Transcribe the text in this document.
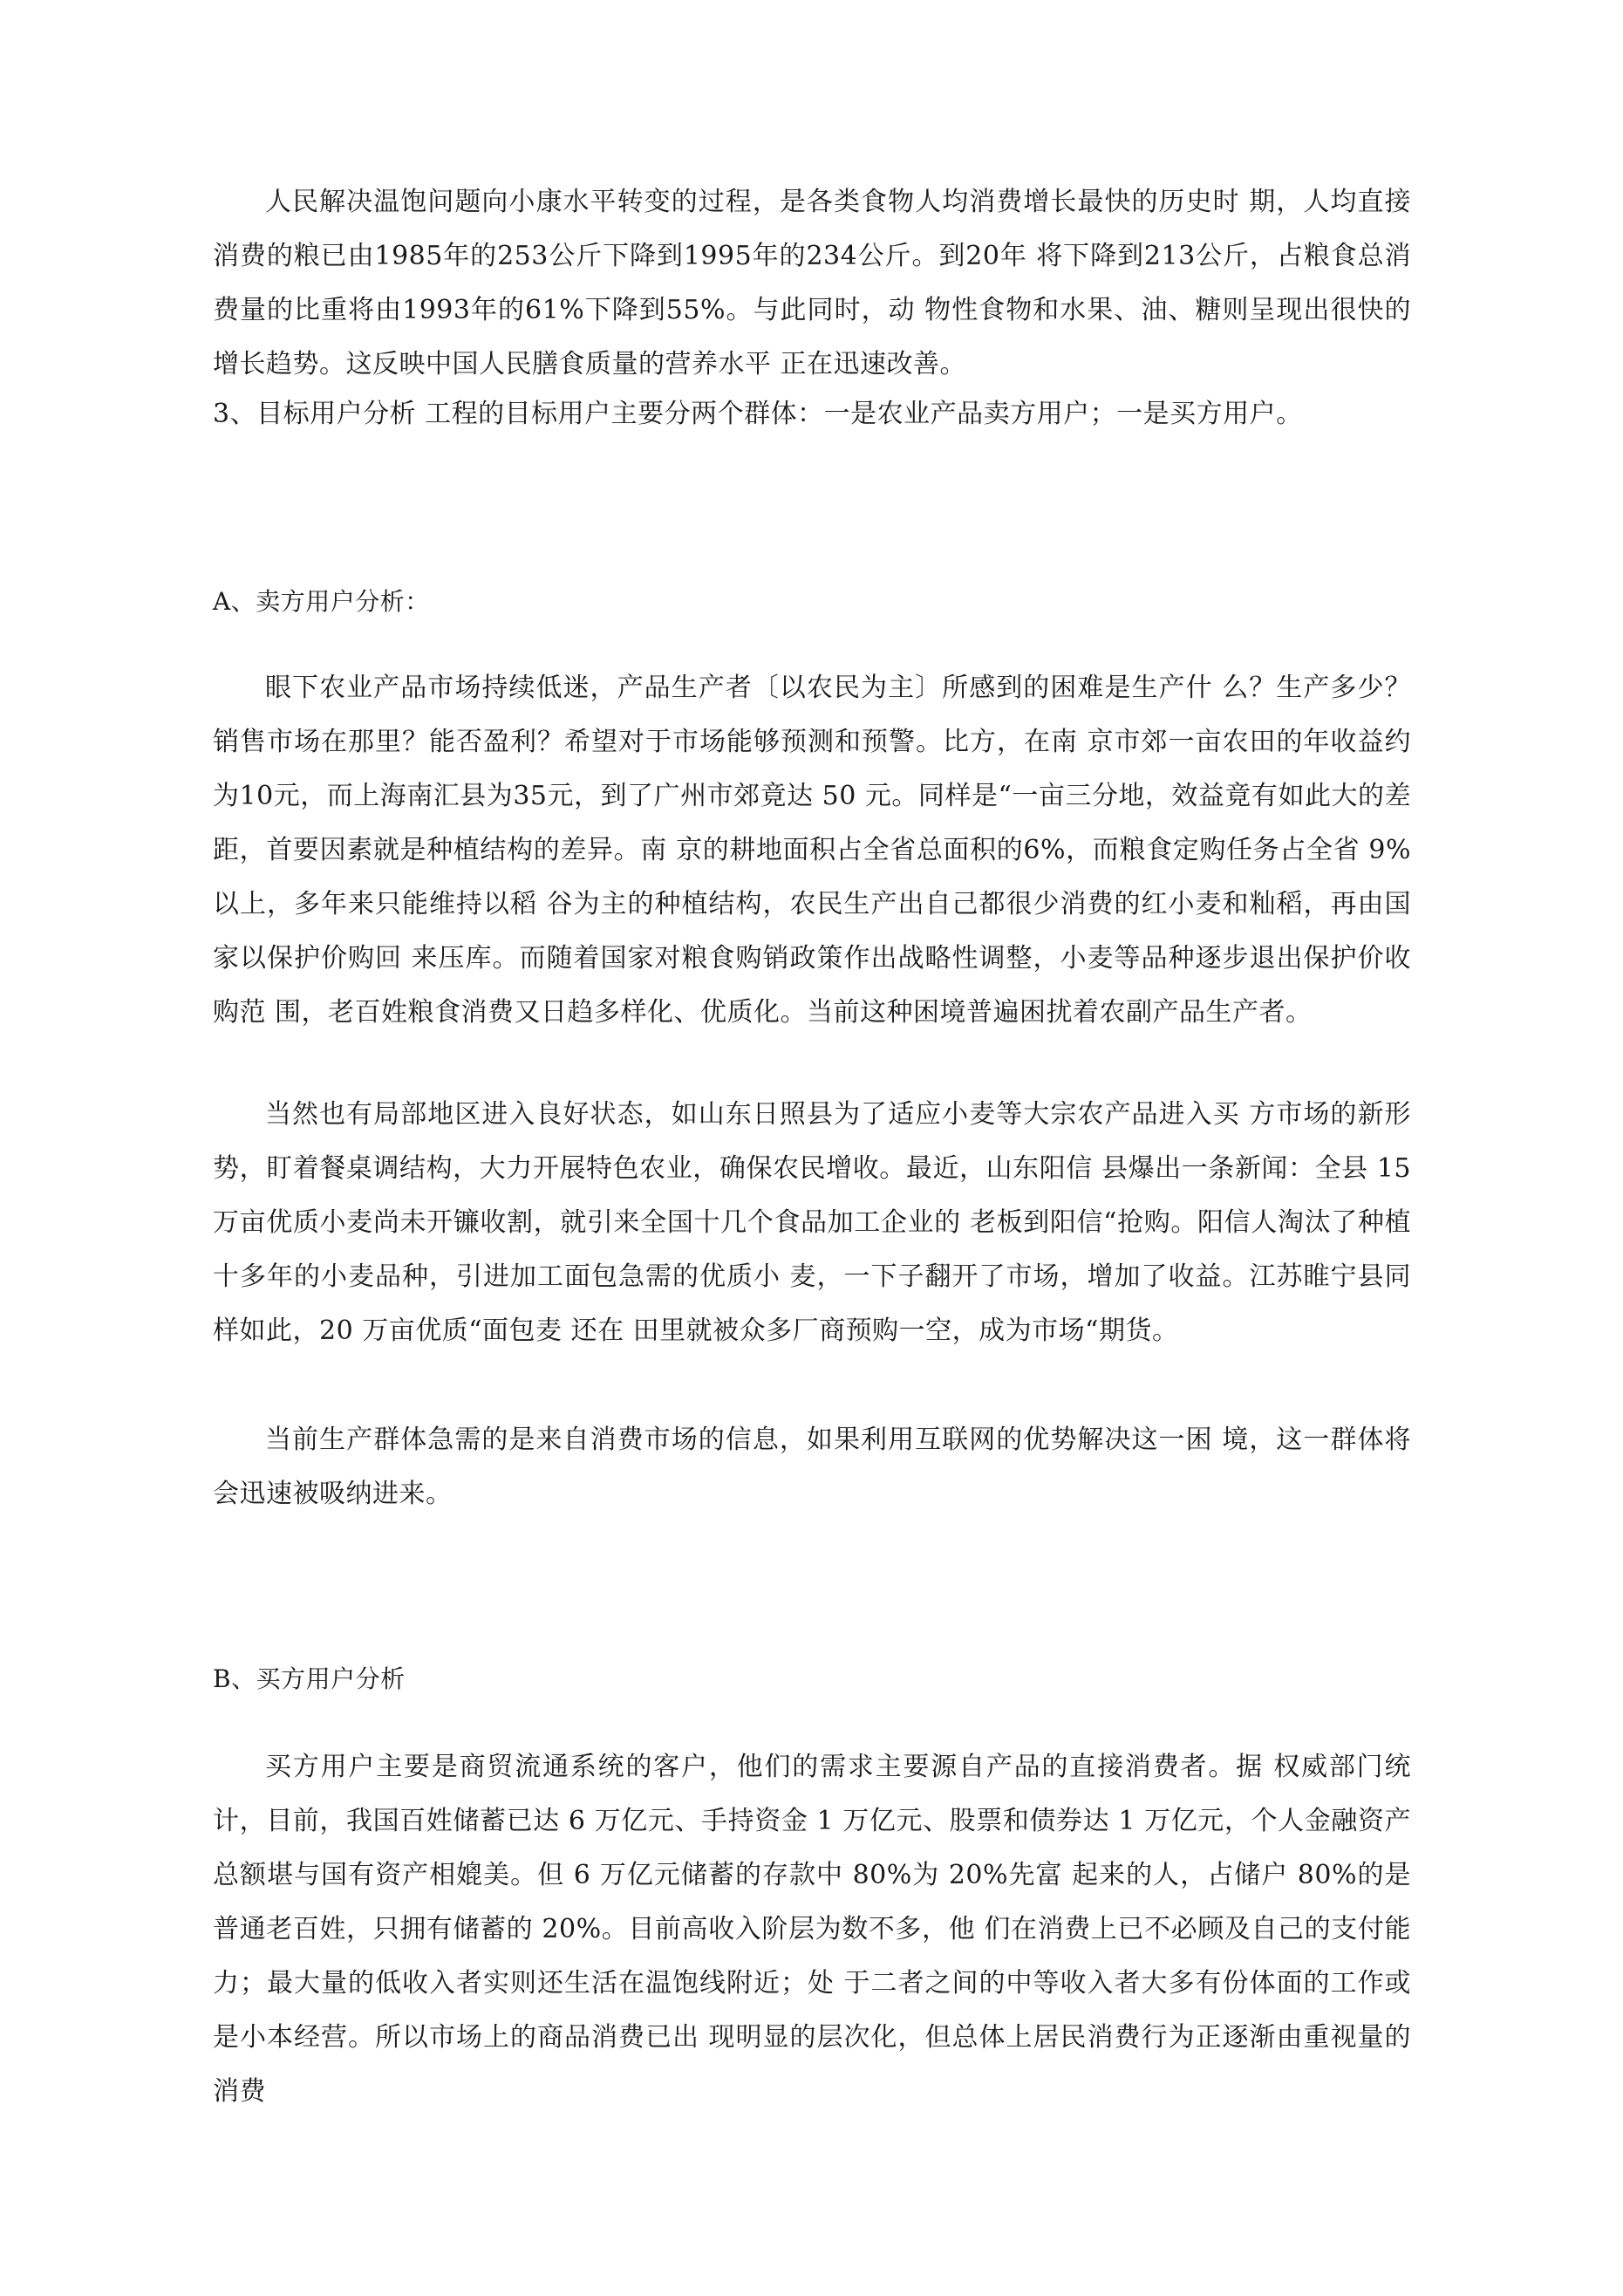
人民解决温饱问题向小康水平转变的过程，是各类食物人均消费增长最快的历史时 期，人均直接消费的粮已由1985年的253公斤下降到1995年的234公斤。到20年 将下降到213公斤，占粮食总消费量的比重将由1993年的61%下降到55%。与此同时，动 物性食物和水果、油、糖则呈现出很快的增长趋势。这反映中国人民膳食质量的营养水平 正在迅速改善。

3、目标用户分析 工程的目标用户主要分两个群体：一是农业产品卖方用户；一是买方用户。
A、卖方用户分析：

眼下农业产品市场持续低迷，产品生产者〔以农民为主〕所感到的困难是生产什 么？生产多少？销售市场在那里？能否盈利？希望对于市场能够预测和预警。比方，在南 京市郊一亩农田的年收益约为10元，而上海南汇县为35元，到了广州市郊竟达 50 元。同样是“一亩三分地，效益竟有如此大的差距，首要因素就是种植结构的差异。南 京的耕地面积占全省总面积的6%，而粮食定购任务占全省 9%以上，多年来只能维持以稻 谷为主的种植结构，农民生产出自己都很少消费的红小麦和籼稻，再由国家以保护价购回 来压库。而随着国家对粮食购销政策作出战略性调整，小麦等品种逐步退出保护价收购范 围，老百姓粮食消费又日趋多样化、优质化。当前这种困境普遍困扰着农副产品生产者。

当然也有局部地区进入良好状态，如山东日照县为了适应小麦等大宗农产品进入买 方市场的新形势，盯着餐桌调结构，大力开展特色农业，确保农民增收。最近，山东阳信 县爆出一条新闻：全县 15 万亩优质小麦尚未开镰收割，就引来全国十几个食品加工企业的 老板到阳信“抢购。阳信人淘汰了种植十多年的小麦品种，引进加工面包急需的优质小 麦，一下子翻开了市场，增加了收益。江苏睢宁县同样如此，20 万亩优质“面包麦 还在 田里就被众多厂商预购一空，成为市场“期货。

当前生产群体急需的是来自消费市场的信息，如果利用互联网的优势解决这一困 境，这一群体将会迅速被吸纳进来。

B、买方用户分析

买方用户主要是商贸流通系统的客户，他们的需求主要源自产品的直接消费者。据 权威部门统计，目前，我国百姓储蓄已达 6 万亿元、手持资金 1 万亿元、股票和债券达 1 万亿元，个人金融资产总额堪与国有资产相媲美。但 6 万亿元储蓄的存款中 80%为 20%先富 起来的人，占储户 80%的是普通老百姓，只拥有储蓄的 20%。目前高收入阶层为数不多，他 们在消费上已不必顾及自己的支付能力；最大量的低收入者实则还生活在温饱线附近；处 于二者之间的中等收入者大多有份体面的工作或是小本经营。所以市场上的商品消费已出 现明显的层次化，但总体上居民消费行为正逐渐由重视量的消费
